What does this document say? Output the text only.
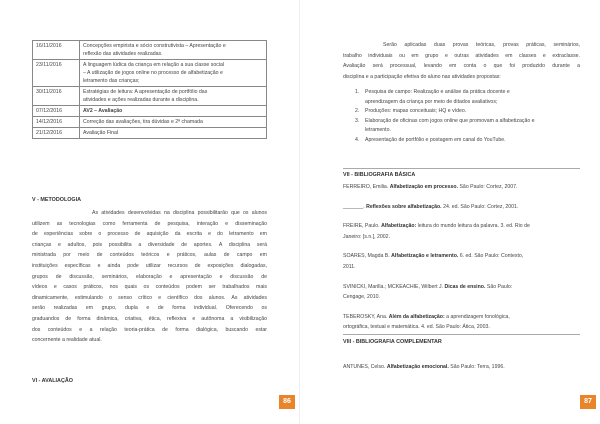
16/11/2016	Concepções empirista e sócio construtivista – Apresentação e
reflexão das atividades realizadas.
23/11/2016	A linguagem lúdica da criança em relação a sua classe social
– A utilização de jogos online no processo de alfabetização e
letramento das crianças;
30/11/2016	Estratégias de leitura: A apresentação de portfólio das
atividades e ações realizadas durante a disciplina.
07/12/2016	AV2 – Avaliação
14/12/2016	Correção das avaliações, tira dúvidas e 2ª chamada
21/12/2016	Avaliação Final
V - METODOLOGIA
As atividades desenvolvidas na disciplina possibilitarão que os alunos
utilizem as tecnologias como ferramenta de pesquisa, interação e disseminação
de experiências sobre o processo de aquisição da escrita e do letramento em
crianças e adultos, pois possibilita a diversidade de aportes. A disciplina será
ministrada por meio de conteúdos teóricos e práticos, aulas de campo em
instituições específicas e ainda pode utilizar recursos de exposições dialogadas,
grupos de discussão, seminários, elaboração e apresentação e discussão de
vídeos e casos práticos, nos quais os conteúdos podem ser trabalhados mais
dinamicamente, estimulando o senso crítico e científico dos alunos. As atividades
serão realizadas em grupo, dupla e de forma individual. Oferecendo os
graduandos de forma dinâmica, criativa, ética, reflexiva e autônoma a visibilização
dos conteúdos e a relação teoria-prática de forma dialógica, buscando estar
concernente a realidade atual.
VI - AVALIAÇÃO
86
Serão aplicadas duas provas teóricas, provas práticas, seminários,
trabalho individuais ou em grupo e outras atividades em classes e extraclasse.
Avaliação será processual, levando em conta o que foi produzido durante a
disciplina e a participação efetiva do aluno nas atividades propostas:
1. Pesquisa de campo: Realização e análise da prática docente e
aprendizagem da criança por meio de ditados avaliativos;
2. Produções: mapas conceituais; HQ e vídeo.
3. Elaboração de oficinas com jogos online que promovam a alfabetização e
letramento.
4. Apresentação de portfólio e postagem em canal do YouTube.
VII - BIBLIOGRAFIA BÁSICA
FERREIRO, Emilia. Alfabetização em processo. São Paulo: Cortez, 2007.
_______. Reflexões sobre alfabetização. 24. ed. São Paulo: Cortez, 2001.
FREIRE, Paulo. Alfabetização: leitura do mundo leitura da palavra. 3. ed. Rio de
Janeiro: [s.n.], 2002.
SOARES, Magda B. Alfabetização e letramento. 6. ed. São Paulo: Contexto,
2011.
SVINICKI, Marilla.; MCKEACHIE, Wilbert J. Dicas de ensino. São Paulo:
Cengage, 2010.
TEBEROSKY, Ana. Além da alfabetização: a aprendizagem fonológica,
ortográfica, textual e matemática. 4. ed. São Paulo: Ática, 2003.
VIII - BIBLIOGRAFIA COMPLEMENTAR
ANTUNES, Celso. Alfabetização emocional. São Paulo: Terra, 1996.
87
